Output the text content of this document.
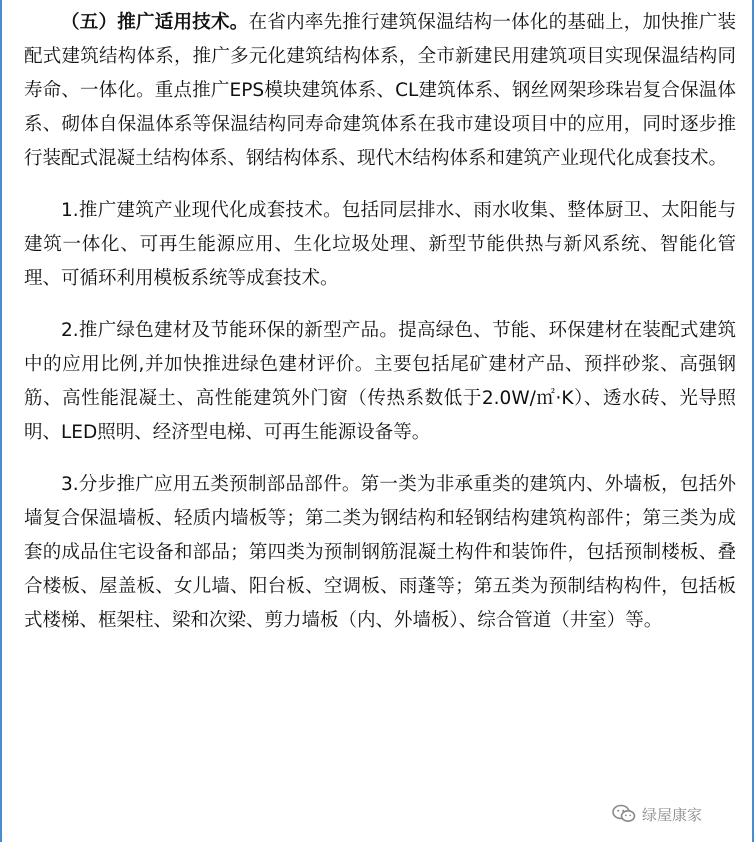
（五）推广适用技术。在省内率先推行建筑保温结构一体化的基础上，加快推广装配式建筑结构体系，推广多元化建筑结构体系，全市新建民用建筑项目实现保温结构同寿命、一体化。重点推广EPS模块建筑体系、CL建筑体系、钢丝网架珍珠岩复合保温体系、砌体自保温体系等保温结构同寿命建筑体系在我市建设项目中的应用，同时逐步推行装配式混凝土结构体系、钢结构体系、现代木结构体系和建筑产业现代化成套技术。

1.推广建筑产业现代化成套技术。包括同层排水、雨水收集、整体厨卫、太阳能与建筑一体化、可再生能源应用、生化垃圾处理、新型节能供热与新风系统、智能化管理、可循环利用模板系统等成套技术。

2.推广绿色建材及节能环保的新型产品。提高绿色、节能、环保建材在装配式建筑中的应用比例,并加快推进绿色建材评价。主要包括尾矿建材产品、预拌砂浆、高强钢筋、高性能混凝土、高性能建筑外门窗（传热系数低于2.0W/㎡·K）、透水砖、光导照明、LED照明、经济型电梯、可再生能源设备等。

3.分步推广应用五类预制部品部件。第一类为非承重类的建筑内、外墙板，包括外墙复合保温墙板、轻质内墙板等；第二类为钢结构和轻钢结构建筑构部件；第三类为成套的成品住宅设备和部品；第四类为预制钢筋混凝土构件和装饰件，包括预制楼板、叠合楼板、屋盖板、女儿墙、阳台板、空调板、雨蓬等；第五类为预制结构构件，包括板式楼梯、框架柱、梁和次梁、剪力墙板（内、外墙板）、综合管道（井室）等。

绿屋康家
